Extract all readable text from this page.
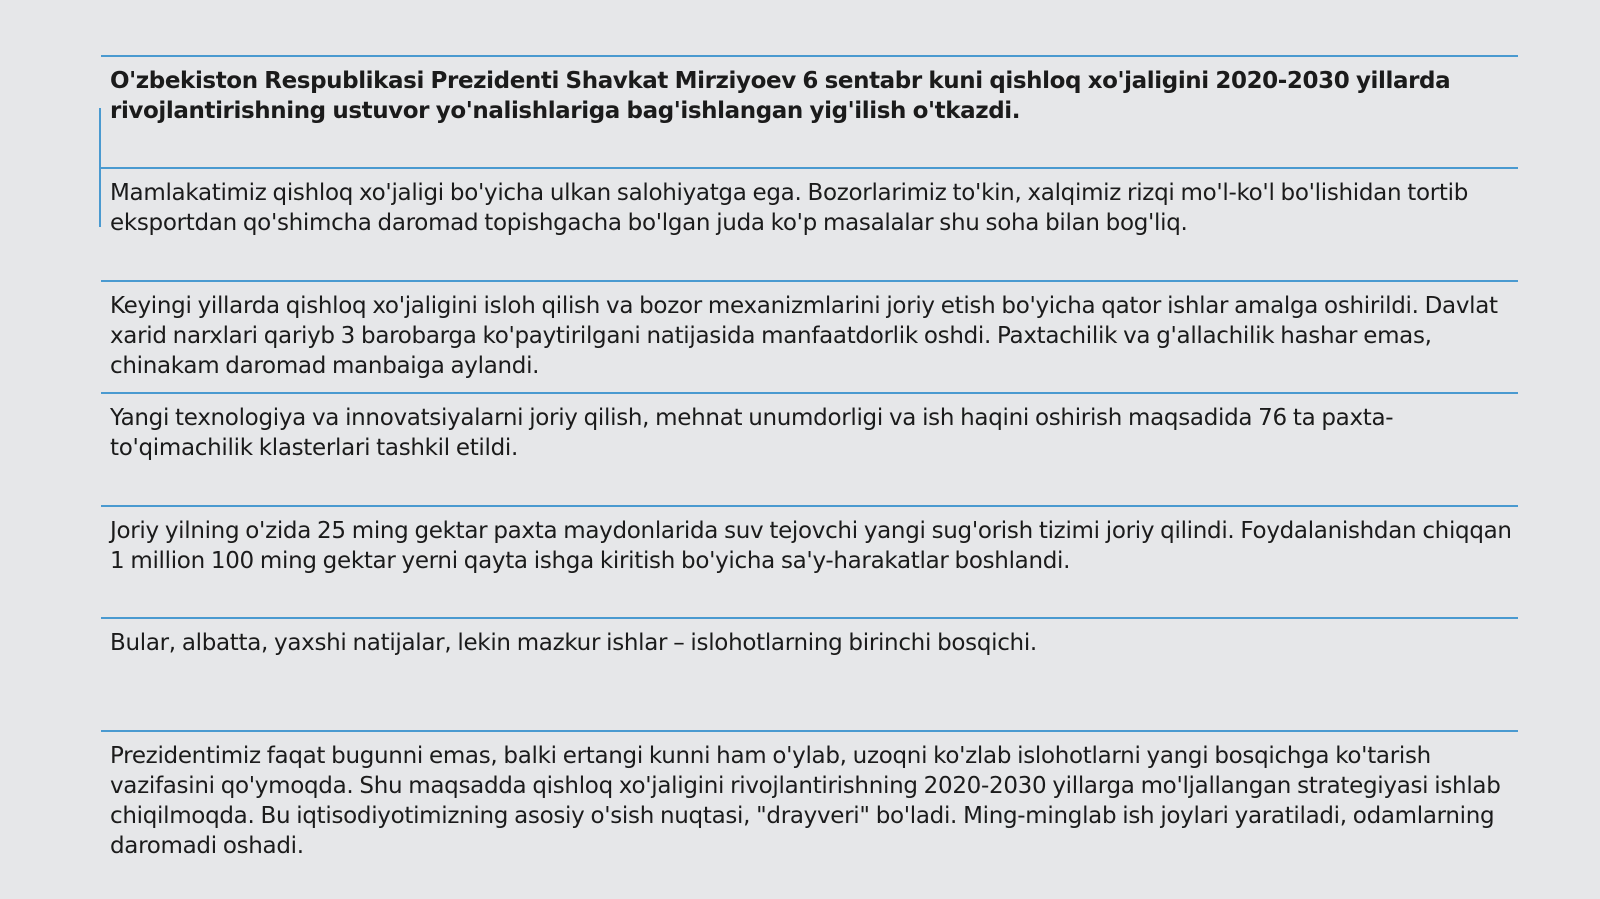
O'zbekiston Respublikasi Prezidenti Shavkat Mirziyoev 6 sentabr kuni qishloq xo'jaligini 2020-2030 yillarda rivojlantirishning ustuvor yo'nalishlariga bag'ishlangan yig'ilish o'tkazdi.

Mamlakatimiz qishloq xo'jaligi bo'yicha ulkan salohiyatga ega. Bozorlarimiz to'kin, xalqimiz rizqi mo'l-ko'l bo'lishidan tortib eksportdan qo'shimcha daromad topishgacha bo'lgan juda ko'p masalalar shu soha bilan bog'liq.

Keyingi yillarda qishloq xo'jaligini isloh qilish va bozor mexanizmlarini joriy etish bo'yicha qator ishlar amalga oshirildi. Davlat xarid narxlari qariyb 3 barobarga ko'paytirilgani natijasida manfaatdorlik oshdi. Paxtachilik va g'allachilik hashar emas, chinakam daromad manbaiga aylandi.

Yangi texnologiya va innovatsiyalarni joriy qilish, mehnat unumdorligi va ish haqini oshirish maqsadida 76 ta paxta-to'qimachilik klasterlari tashkil etildi.

Joriy yilning o'zida 25 ming gektar paxta maydonlarida suv tejovchi yangi sug'orish tizimi joriy qilindi. Foydalanishdan chiqqan 1 million 100 ming gektar yerni qayta ishga kiritish bo'yicha sa'y-harakatlar boshlandi.

Bular, albatta, yaxshi natijalar, lekin mazkur ishlar – islohotlarning birinchi bosqichi.

Prezidentimiz faqat bugunni emas, balki ertangi kunni ham o'ylab, uzoqni ko'zlab islohotlarni yangi bosqichga ko'tarish vazifasini qo'ymoqda. Shu maqsadda qishloq xo'jaligini rivojlantirishning 2020-2030 yillarga mo'ljallangan strategiyasi ishlab chiqilmoqda. Bu iqtisodiyotimizning asosiy o'sish nuqtasi, "drayveri" bo'ladi. Ming-minglab ish joylari yaratiladi, odamlarning daromadi oshadi.
